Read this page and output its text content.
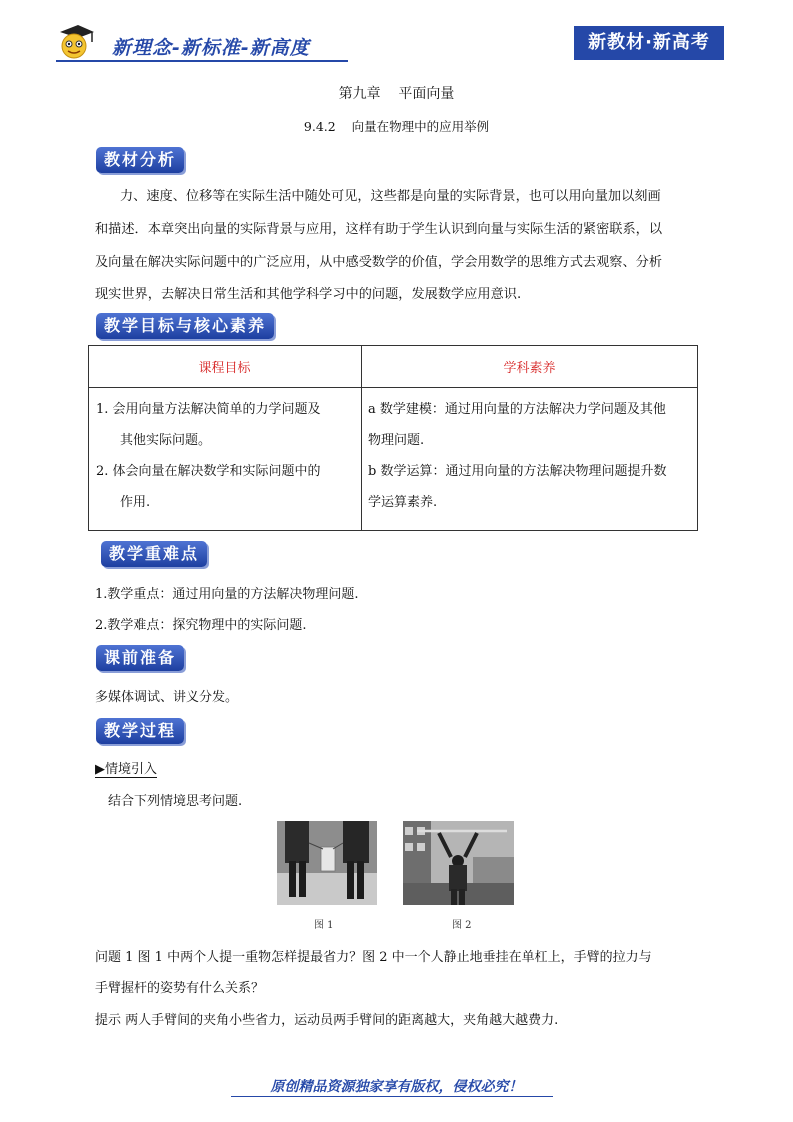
新理念-新标准-新高度	新教材·新高考
第九章    平面向量
9.4.2    向量在物理中的应用举例
教材分析
力、速度、位移等在实际生活中随处可见，这些都是向量的实际背景，也可以用向量加以刻画
和描述．本章突出向量的实际背景与应用，这样有助于学生认识到向量与实际生活的紧密联系，以
及向量在解决实际问题中的广泛应用，从中感受数学的价值，学会用数学的思维方式去观察、分析
现实世界，去解决日常生活和其他学科学习中的问题，发展数学应用意识.
教学目标与核心素养
课程目标	学科素养
1. 会用向量方法解决简单的力学问题及
其他实际问题。
2. 体会向量在解决数学和实际问题中的
作用.
a 数学建模：通过用向量的方法解决力学问题及其他
物理问题.
b 数学运算：通过用向量的方法解决物理问题提升数
学运算素养.
教学重难点
1.教学重点：通过用向量的方法解决物理问题.
2.教学难点：探究物理中的实际问题.
课前准备
多媒体调试、讲义分发。
教学过程
▶情境引入
结合下列情境思考问题.
图 1	图 2
问题 1 图 1 中两个人提一重物怎样提最省力？图 2 中一个人静止地垂挂在单杠上，手臂的拉力与
手臂握杆的姿势有什么关系？
提示 两人手臂间的夹角小些省力，运动员两手臂间的距离越大，夹角越大越费力.
原创精品资源独家享有版权，侵权必究！
